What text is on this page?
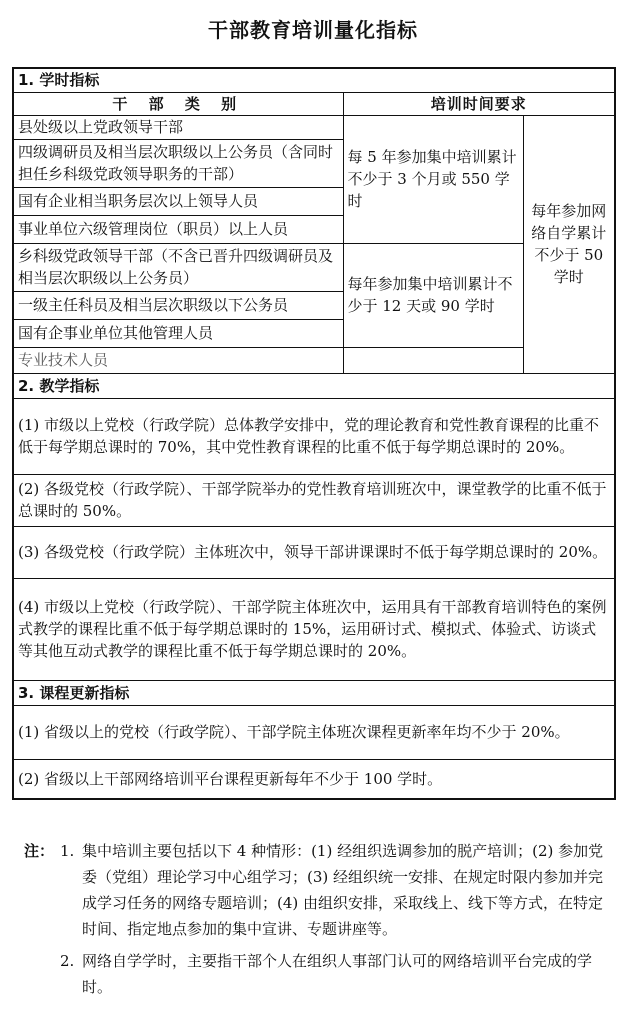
干部教育培训量化指标
1. 学时指标		
干 部 类 别	培训时间要求	
县处级以上党政领导干部	每 5 年参加集中培训累计不少于 3 个月或 550 学时	每年参加网络自学累计不少于 50 学时
四级调研员及相当层次职级以上公务员（含同时担任乡科级党政领导职务的干部）		
国有企业相当职务层次以上领导人员		
事业单位六级管理岗位（职员）以上人员		
乡科级党政领导干部（不含已晋升四级调研员及相当层次职级以上公务员）	每年参加集中培训累计不少于 12 天或 90 学时	
一级主任科员及相当层次职级以下公务员		
国有企事业单位其他管理人员		
专业技术人员		
2. 教学指标		
(1) 市级以上党校（行政学院）总体教学安排中，党的理论教育和党性教育课程的比重不低于每学期总课时的 70%，其中党性教育课程的比重不低于每学期总课时的 20%。		
(2) 各级党校（行政学院）、干部学院举办的党性教育培训班次中，课堂教学的比重不低于总课时的 50%。		
(3) 各级党校（行政学院）主体班次中，领导干部讲课课时不低于每学期总课时的 20%。		
(4) 市级以上党校（行政学院）、干部学院主体班次中，运用具有干部教育培训特色的案例式教学的课程比重不低于每学期总课时的 15%，运用研讨式、模拟式、体验式、访谈式等其他互动式教学的课程比重不低于每学期总课时的 20%。		
3. 课程更新指标		
(1) 省级以上的党校（行政学院）、干部学院主体班次课程更新率年均不少于 20%。		
(2) 省级以上干部网络培训平台课程更新每年不少于 100 学时。		
注： 1. 集中培训主要包括以下 4 种情形：(1) 经组织选调参加的脱产培训；(2) 参加党委（党组）理论学习中心组学习；(3) 经组织统一安排、在规定时限内参加并完成学习任务的网络专题培训；(4) 由组织安排，采取线上、线下等方式，在特定时间、指定地点参加的集中宣讲、专题讲座等。
2. 网络自学学时，主要指干部个人在组织人事部门认可的网络培训平台完成的学时。
